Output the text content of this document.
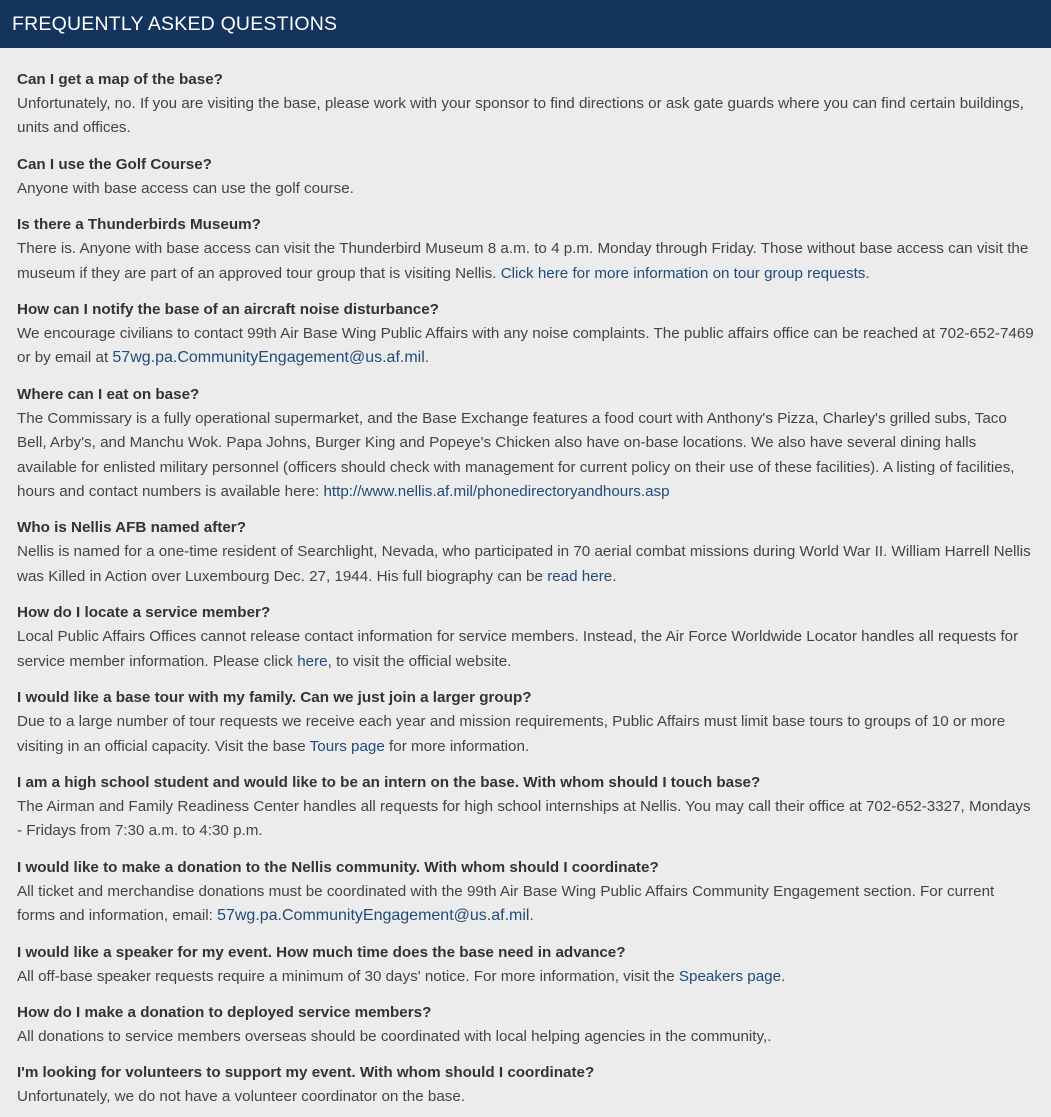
FREQUENTLY ASKED QUESTIONS
Can I get a map of the base?
Unfortunately, no. If you are visiting the base, please work with your sponsor to find directions or ask gate guards where you can find certain buildings, units and offices.
Can I use the Golf Course?
Anyone with base access can use the golf course.
Is there a Thunderbirds Museum?
There is. Anyone with base access can visit the Thunderbird Museum 8 a.m. to 4 p.m. Monday through Friday. Those without base access can visit the museum if they are part of an approved tour group that is visiting Nellis. Click here for more information on tour group requests.
How can I notify the base of an aircraft noise disturbance?
We encourage civilians to contact 99th Air Base Wing Public Affairs with any noise complaints. The public affairs office can be reached at 702-652-7469 or by email at 57wg.pa.CommunityEngagement@us.af.mil.
Where can I eat on base?
The Commissary is a fully operational supermarket, and the Base Exchange features a food court with Anthony's Pizza, Charley's grilled subs, Taco Bell, Arby's, and Manchu Wok. Papa Johns, Burger King and Popeye's Chicken also have on-base locations. We also have several dining halls available for enlisted military personnel (officers should check with management for current policy on their use of these facilities). A listing of facilities, hours and contact numbers is available here: http://www.nellis.af.mil/phonedirectoryandhours.asp
Who is Nellis AFB named after?
Nellis is named for a one-time resident of Searchlight, Nevada, who participated in 70 aerial combat missions during World War II. William Harrell Nellis was Killed in Action over Luxembourg Dec. 27, 1944. His full biography can be read here.
How do I locate a service member?
Local Public Affairs Offices cannot release contact information for service members. Instead, the Air Force Worldwide Locator handles all requests for service member information. Please click here, to visit the official website.
I would like a base tour with my family. Can we just join a larger group?
Due to a large number of tour requests we receive each year and mission requirements, Public Affairs must limit base tours to groups of 10 or more visiting in an official capacity. Visit the base Tours page for more information.
I am a high school student and would like to be an intern on the base. With whom should I touch base?
The Airman and Family Readiness Center handles all requests for high school internships at Nellis. You may call their office at 702-652-3327, Mondays - Fridays from 7:30 a.m. to 4:30 p.m.
I would like to make a donation to the Nellis community. With whom should I coordinate?
All ticket and merchandise donations must be coordinated with the 99th Air Base Wing Public Affairs Community Engagement section. For current forms and information, email: 57wg.pa.CommunityEngagement@us.af.mil.
I would like a speaker for my event. How much time does the base need in advance?
All off-base speaker requests require a minimum of 30 days' notice. For more information, visit the Speakers page.
How do I make a donation to deployed service members?
All donations to service members overseas should be coordinated with local helping agencies in the community,.
I'm looking for volunteers to support my event. With whom should I coordinate?
Unfortunately, we do not have a volunteer coordinator on the base.
